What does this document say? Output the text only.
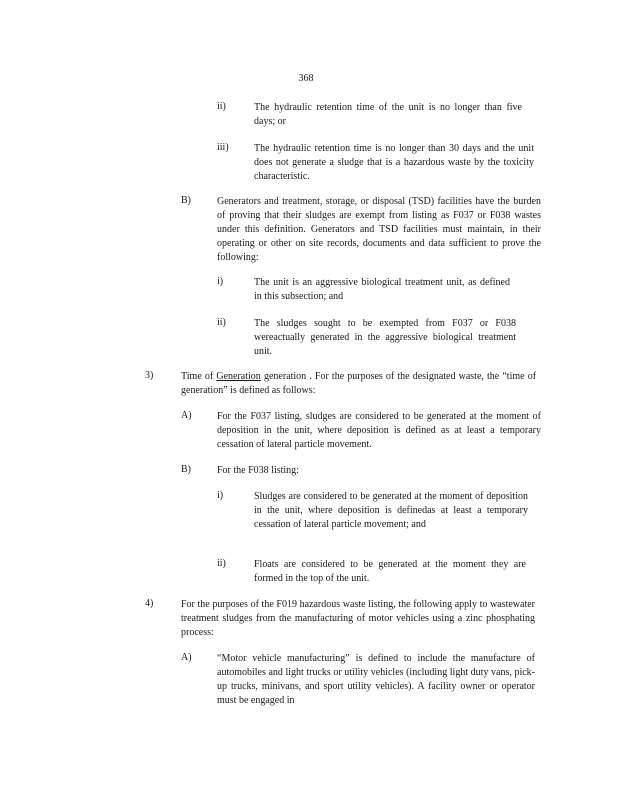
368
ii)	The hydraulic retention time of the unit is no longer than five days; or
iii)	The hydraulic retention time is no longer than 30 days and the unit does not generate a sludge that is a hazardous waste by the toxicity characteristic.
B)	Generators and treatment, storage, or disposal (TSD) facilities have the burden of proving that their sludges are exempt from listing as F037 or F038 wastes under this definition. Generators and TSD facilities must maintain, in their operating or other on site records, documents and data sufficient to prove the following:
i)	The unit is an aggressive biological treatment unit, as defined in this subsection; and
ii)	The sludges sought to be exempted from F037 or F038 wereactually generated in the aggressive biological treatment unit.
3)	Time of Generation generation . For the purposes of the designated waste, the “time of generation” is defined as follows:
A)	For the F037 listing, sludges are considered to be generated at the moment of deposition in the unit, where deposition is defined as at least a temporary cessation of lateral particle movement.
B)	For the F038 listing:
i)	Sludges are considered to be generated at the moment of deposition in the unit, where deposition is definedas at least a temporary cessation of lateral particle movement; and
ii)	Floats are considered to be generated at the moment they are formed in the top of the unit.
4)	For the purposes of the F019 hazardous waste listing, the following apply to wastewater treatment sludges from the manufacturing of motor vehicles using a zinc phosphating process:
A)	“Motor vehicle manufacturing” is defined to include the manufacture of automobiles and light trucks or utility vehicles (including light duty vans, pick-up trucks, minivans, and sport utility vehicles). A facility owner or operator must be engaged in
